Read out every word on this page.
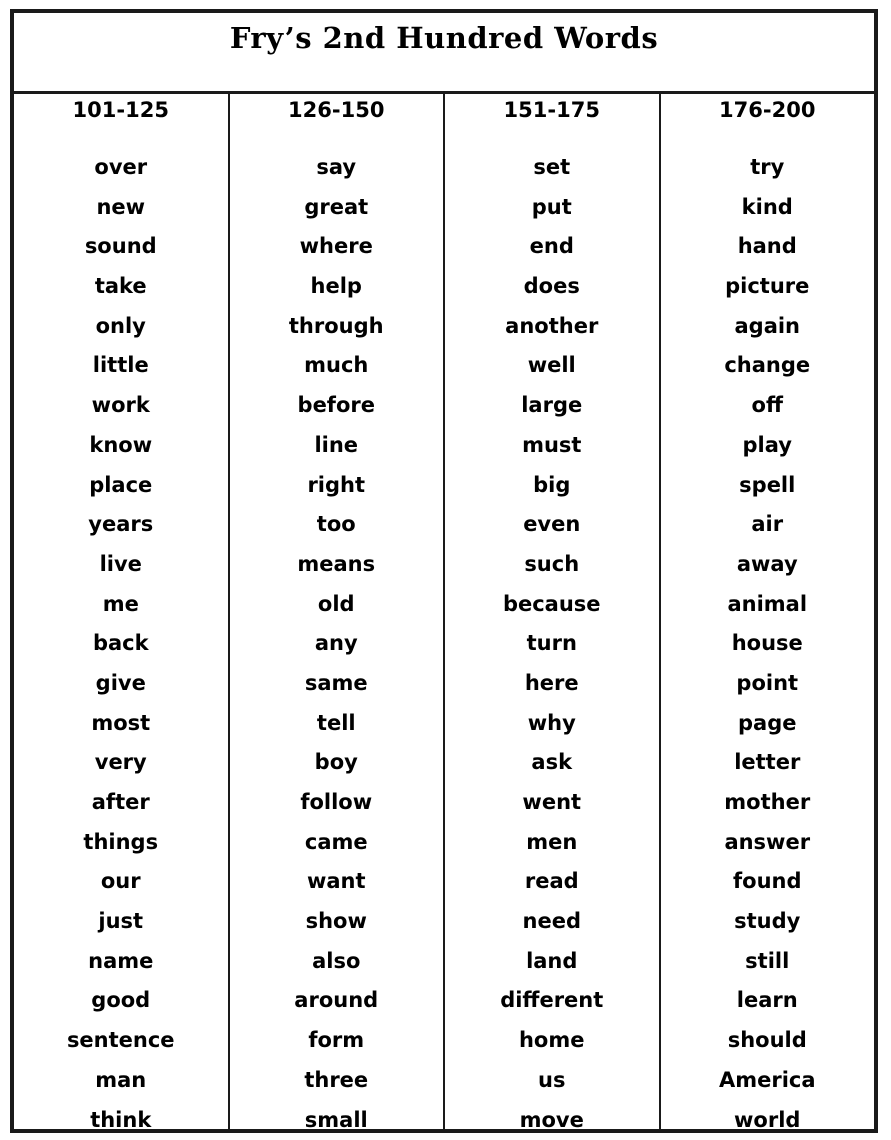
Fry’s 2nd Hundred Words
101-125
over
new
sound
take
only
little
work
know
place
years
live
me
back
give
most
very
after
things
our
just
name
good
sentence
man
think
126-150
say
great
where
help
through
much
before
line
right
too
means
old
any
same
tell
boy
follow
came
want
show
also
around
form
three
small
151-175
set
put
end
does
another
well
large
must
big
even
such
because
turn
here
why
ask
went
men
read
need
land
different
home
us
move
176-200
try
kind
hand
picture
again
change
off
play
spell
air
away
animal
house
point
page
letter
mother
answer
found
study
still
learn
should
America
world
